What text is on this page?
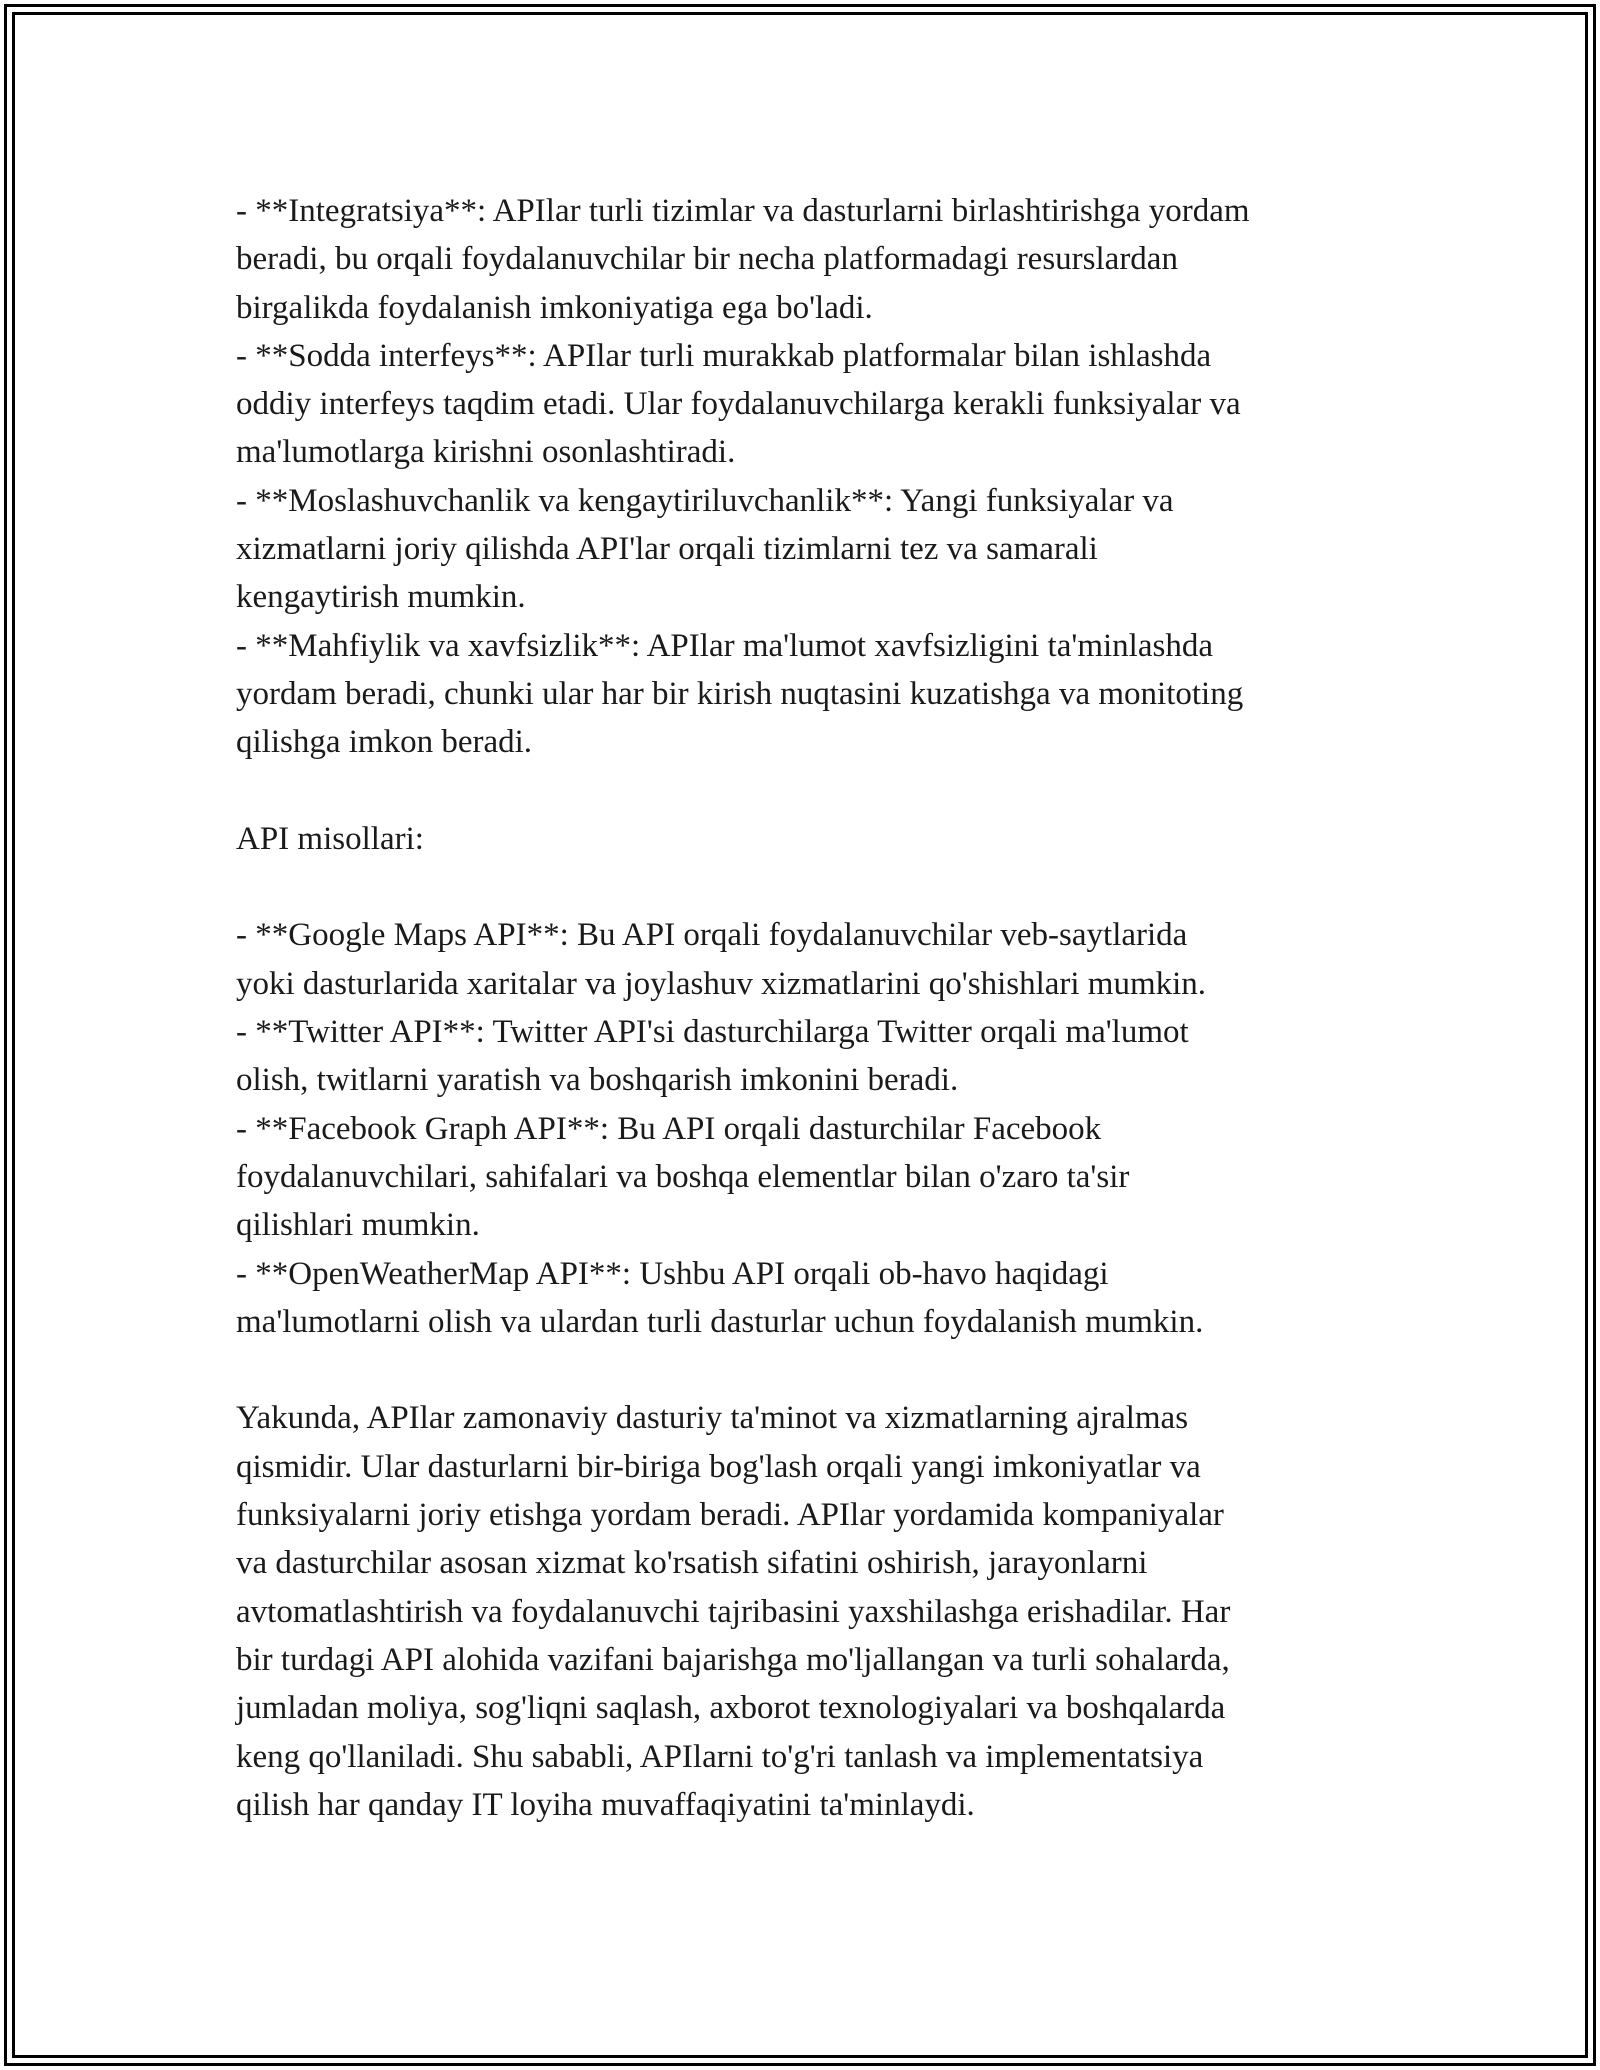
- **Integratsiya**: APIlar turli tizimlar va dasturlarni birlashtirishga yordam
beradi, bu orqali foydalanuvchilar bir necha platformadagi resurslardan
birgalikda foydalanish imkoniyatiga ega bo'ladi.
- **Sodda interfeys**: APIlar turli murakkab platformalar bilan ishlashda
oddiy interfeys taqdim etadi. Ular foydalanuvchilarga kerakli funksiyalar va
ma'lumotlarga kirishni osonlashtiradi.
- **Moslashuvchanlik va kengaytiriluvchanlik**: Yangi funksiyalar va
xizmatlarni joriy qilishda API'lar orqali tizimlarni tez va samarali
kengaytirish mumkin.
- **Mahfiylik va xavfsizlik**: APIlar ma'lumot xavfsizligini ta'minlashda
yordam beradi, chunki ular har bir kirish nuqtasini kuzatishga va monitoting
qilishga imkon beradi.
API misollari:
- **Google Maps API**: Bu API orqali foydalanuvchilar veb-saytlarida
yoki dasturlarida xaritalar va joylashuv xizmatlarini qo'shishlari mumkin.
- **Twitter API**: Twitter API'si dasturchilarga Twitter orqali ma'lumot
olish, twitlarni yaratish va boshqarish imkonini beradi.
- **Facebook Graph API**: Bu API orqali dasturchilar Facebook
foydalanuvchilari, sahifalari va boshqa elementlar bilan o'zaro ta'sir
qilishlari mumkin.
- **OpenWeatherMap API**: Ushbu API orqali ob-havo haqidagi
ma'lumotlarni olish va ulardan turli dasturlar uchun foydalanish mumkin.
Yakunda, APIlar zamonaviy dasturiy ta'minot va xizmatlarning ajralmas
qismidir. Ular dasturlarni bir-biriga bog'lash orqali yangi imkoniyatlar va
funksiyalarni joriy etishga yordam beradi. APIlar yordamida kompaniyalar
va dasturchilar asosan xizmat ko'rsatish sifatini oshirish, jarayonlarni
avtomatlashtirish va foydalanuvchi tajribasini yaxshilashga erishadilar. Har
bir turdagi API alohida vazifani bajarishga mo'ljallangan va turli sohalarda,
jumladan moliya, sog'liqni saqlash, axborot texnologiyalari va boshqalarda
keng qo'llaniladi. Shu sababli, APIlarni to'g'ri tanlash va implementatsiya
qilish har qanday IT loyiha muvaffaqiyatini ta'minlaydi.
